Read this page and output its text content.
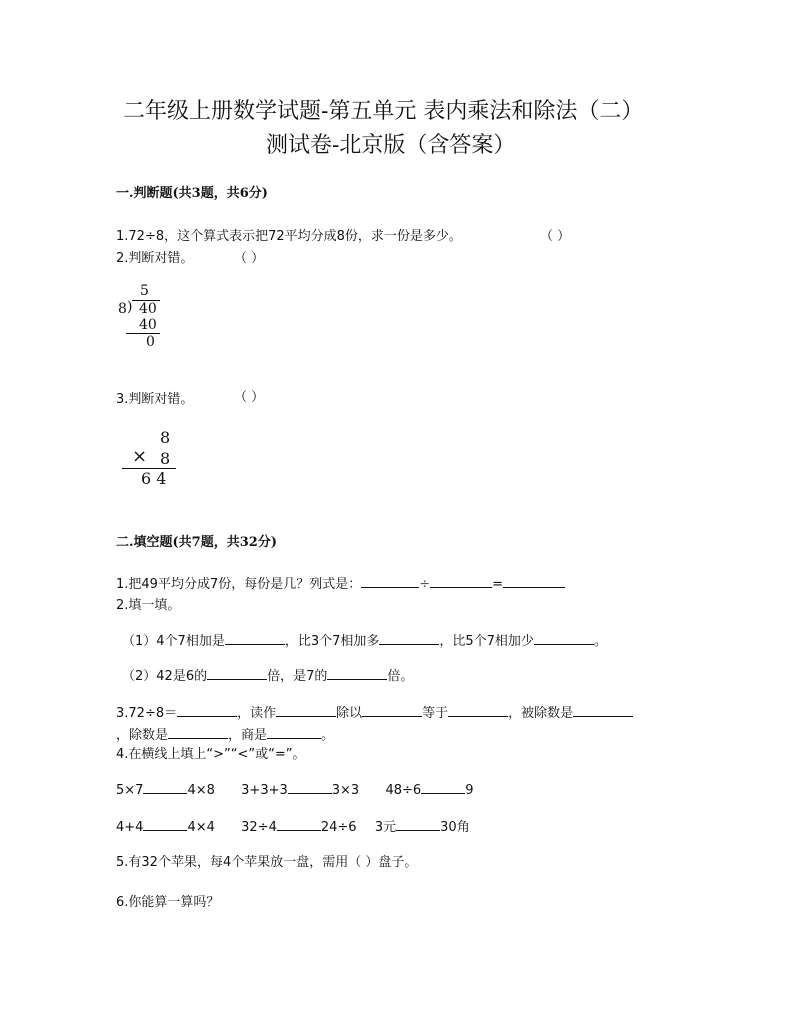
二年级上册数学试题-第五单元 表内乘法和除法（二）
测试卷-北京版（含答案）
一.判断题(共3题，共6分)
1.72÷8，这个算式表示把72平均分成8份，求一份是多少。	（ ）
2.判断对错。	（ ）
5
8 ) 40
40
0
3.判断对错。	（ ）
8
× 8
6 4
二.填空题(共7题，共32分)
1.把49平均分成7份，每份是几？列式是：	÷	=
2.填一填。
（1）4个7相加是	，比3个7相加多	，比5个7相加少	。
（2）42是6的	倍，是7的	倍。
3.72÷8＝	，读作	除以	等于	，被除数是
，除数是	，商是	。
4.在横线上填上“>”“<”或“=”。
5×7	4×8 3+3+3	3×3 48÷6	9
4+4	4×4 32÷4	24÷6 3元	30角
5.有32个苹果，每4个苹果放一盘，需用（ ）盘子。
6.你能算一算吗？
